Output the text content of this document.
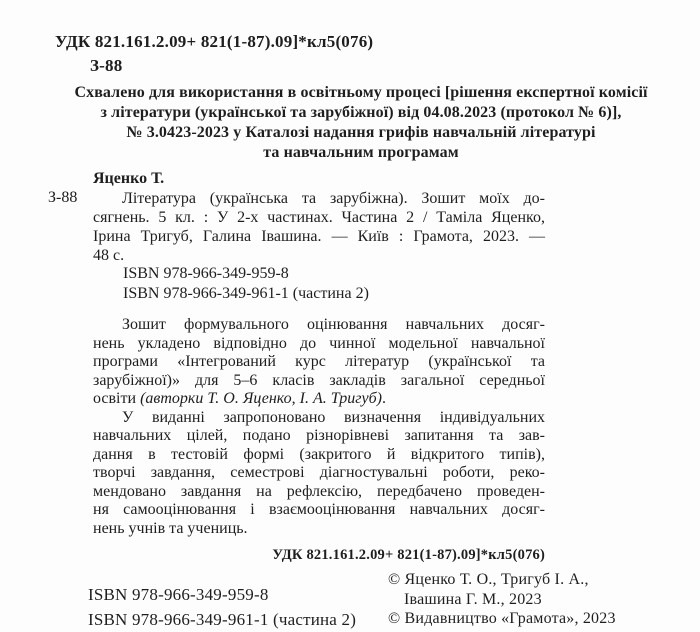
УДК 821.161.2.09+ 821(1-87).09]*кл5(076)
З-88
Схвалено для використання в освітньому процесі [рішення експертної комісії
з літератури (української та зарубіжної) від 04.08.2023 (протокол № 6)],
№ 3.0423-2023 у Каталозі надання грифів навчальній літературі
та навчальним програмам
Яценко Т.
З-88	Література (українська та зарубіжна). Зошит моїх до-
сягнень. 5 кл. : У 2-х частинах. Частина 2 / Таміла Яценко,
Ірина Тригуб, Галина Івашина. — Київ : Грамота, 2023. —
48 с.
ISBN 978-966-349-959-8
ISBN 978-966-349-961-1 (частина 2)
Зошит формувального оцінювання навчальних досяг-
нень укладено відповідно до чинної модельної навчальної
програми «Інтегрований курс літератур (української та
зарубіжної)» для 5–6 класів закладів загальної середньої
освіти (авторки Т. О. Яценко, І. А. Тригуб).
У виданні запропоновано визначення індивідуальних
навчальних цілей, подано різнорівневі запитання та зав-
дання в тестовій формі (закритого й відкритого типів),
творчі завдання, семестрові діагностувальні роботи, реко-
мендовано завдання на рефлексію, передбачено проведен-
ня самооцінювання і взаємооцінювання навчальних досяг-
нень учнів та учениць.
УДК 821.161.2.09+ 821(1-87).09]*кл5(076)
ISBN 978-966-349-959-8
ISBN 978-966-349-961-1 (частина 2)
© Яценко Т. О., Тригуб І. А.,
Івашина Г. М., 2023
© Видавництво «Грамота», 2023
